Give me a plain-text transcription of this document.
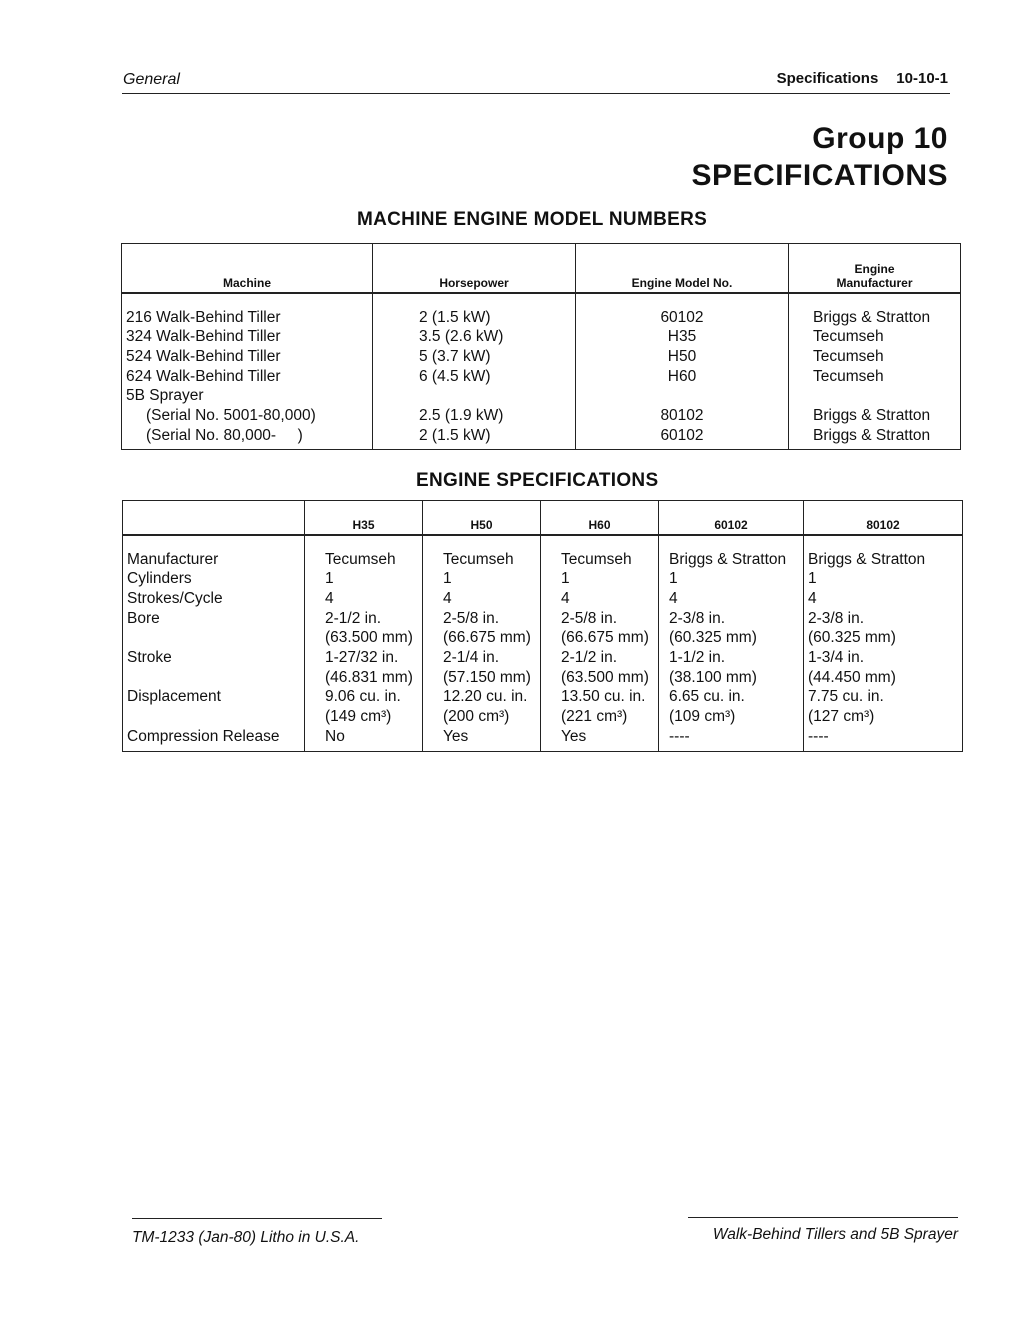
General	Specifications 10-10-1
Group 10
SPECIFICATIONS
MACHINE ENGINE MODEL NUMBERS
Machine	Horsepower	Engine Model No.	Engine
Manufacturer

216 Walk-Behind Tiller	2 (1.5 kW)	60102	Briggs & Stratton
324 Walk-Behind Tiller	3.5 (2.6 kW)	H35	Tecumseh
524 Walk-Behind Tiller	5 (3.7 kW)	H50	Tecumseh
624 Walk-Behind Tiller	6 (4.5 kW)	H60	Tecumseh
5B Sprayer			
(Serial No. 5001-80,000)	2.5 (1.9 kW)	80102	Briggs & Stratton
(Serial No. 80,000-     )	2 (1.5 kW)	60102	Briggs & Stratton
ENGINE SPECIFICATIONS
	H35	H50	H60	60102	80102
Manufacturer	Tecumseh	Tecumseh	Tecumseh	Briggs & Stratton	Briggs & Stratton
Cylinders	1	1	1	1	1
Strokes/Cycle	4	4	4	4	4
Bore	2-1/2 in.	2-5/8 in.	2-5/8 in.	2-3/8 in.	2-3/8 in.
	(63.500 mm)	(66.675 mm)	(66.675 mm)	(60.325 mm)	(60.325 mm)
Stroke	1-27/32 in.	2-1/4 in.	2-1/2 in.	1-1/2 in.	1-3/4 in.
	(46.831 mm)	(57.150 mm)	(63.500 mm)	(38.100 mm)	(44.450 mm)
Displacement	9.06 cu. in.	12.20 cu. in.	13.50 cu. in.	6.65 cu. in.	7.75 cu. in.
	(149 cm³)	(200 cm³)	(221 cm³)	(109 cm³)	(127 cm³)
Compression Release	No	Yes	Yes	----	----
TM-1233 (Jan-80) Litho in U.S.A.	Walk-Behind Tillers and 5B Sprayer
